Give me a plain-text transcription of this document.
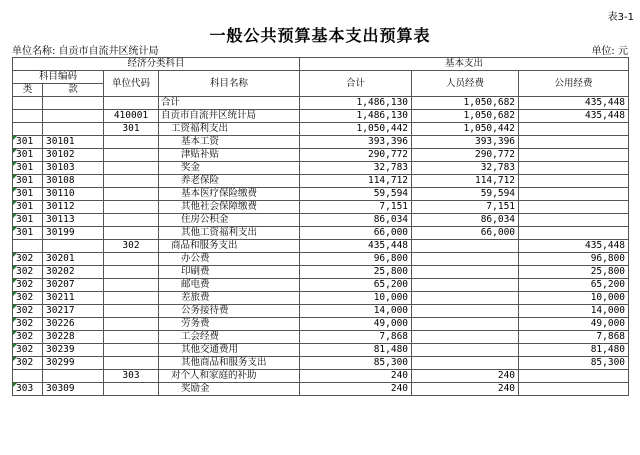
表3-1
一般公共预算基本支出预算表
单位名称: 自贡市自流井区统计局	单位: 元
经济分类科目				基本支出		
科目编码		单位代码	科目名称	合计	人员经费	公用经费
类	款					
			合计	1,486,130	1,050,682	435,448
		410001	自贡市自流井区统计局	1,486,130	1,050,682	435,448
		301	工资福利支出	1,050,442	1,050,442	
301	30101		基本工资	393,396	393,396	
301	30102		津贴补贴	290,772	290,772	
301	30103		奖金	32,783	32,783	
301	30108		养老保险	114,712	114,712	
301	30110		基本医疗保险缴费	59,594	59,594	
301	30112		其他社会保障缴费	7,151	7,151	
301	30113		住房公积金	86,034	86,034	
301	30199		其他工资福利支出	66,000	66,000	
		302	商品和服务支出	435,448		435,448
302	30201		办公费	96,800		96,800
302	30202		印刷费	25,800		25,800
302	30207		邮电费	65,200		65,200
302	30211		差旅费	10,000		10,000
302	30217		公务接待费	14,000		14,000
302	30226		劳务费	49,000		49,000
302	30228		工会经费	7,868		7,868
302	30239		其他交通费用	81,480		81,480
302	30299		其他商品和服务支出	85,300		85,300
		303	对个人和家庭的补助	240	240	
303	30309		奖励金	240	240	
